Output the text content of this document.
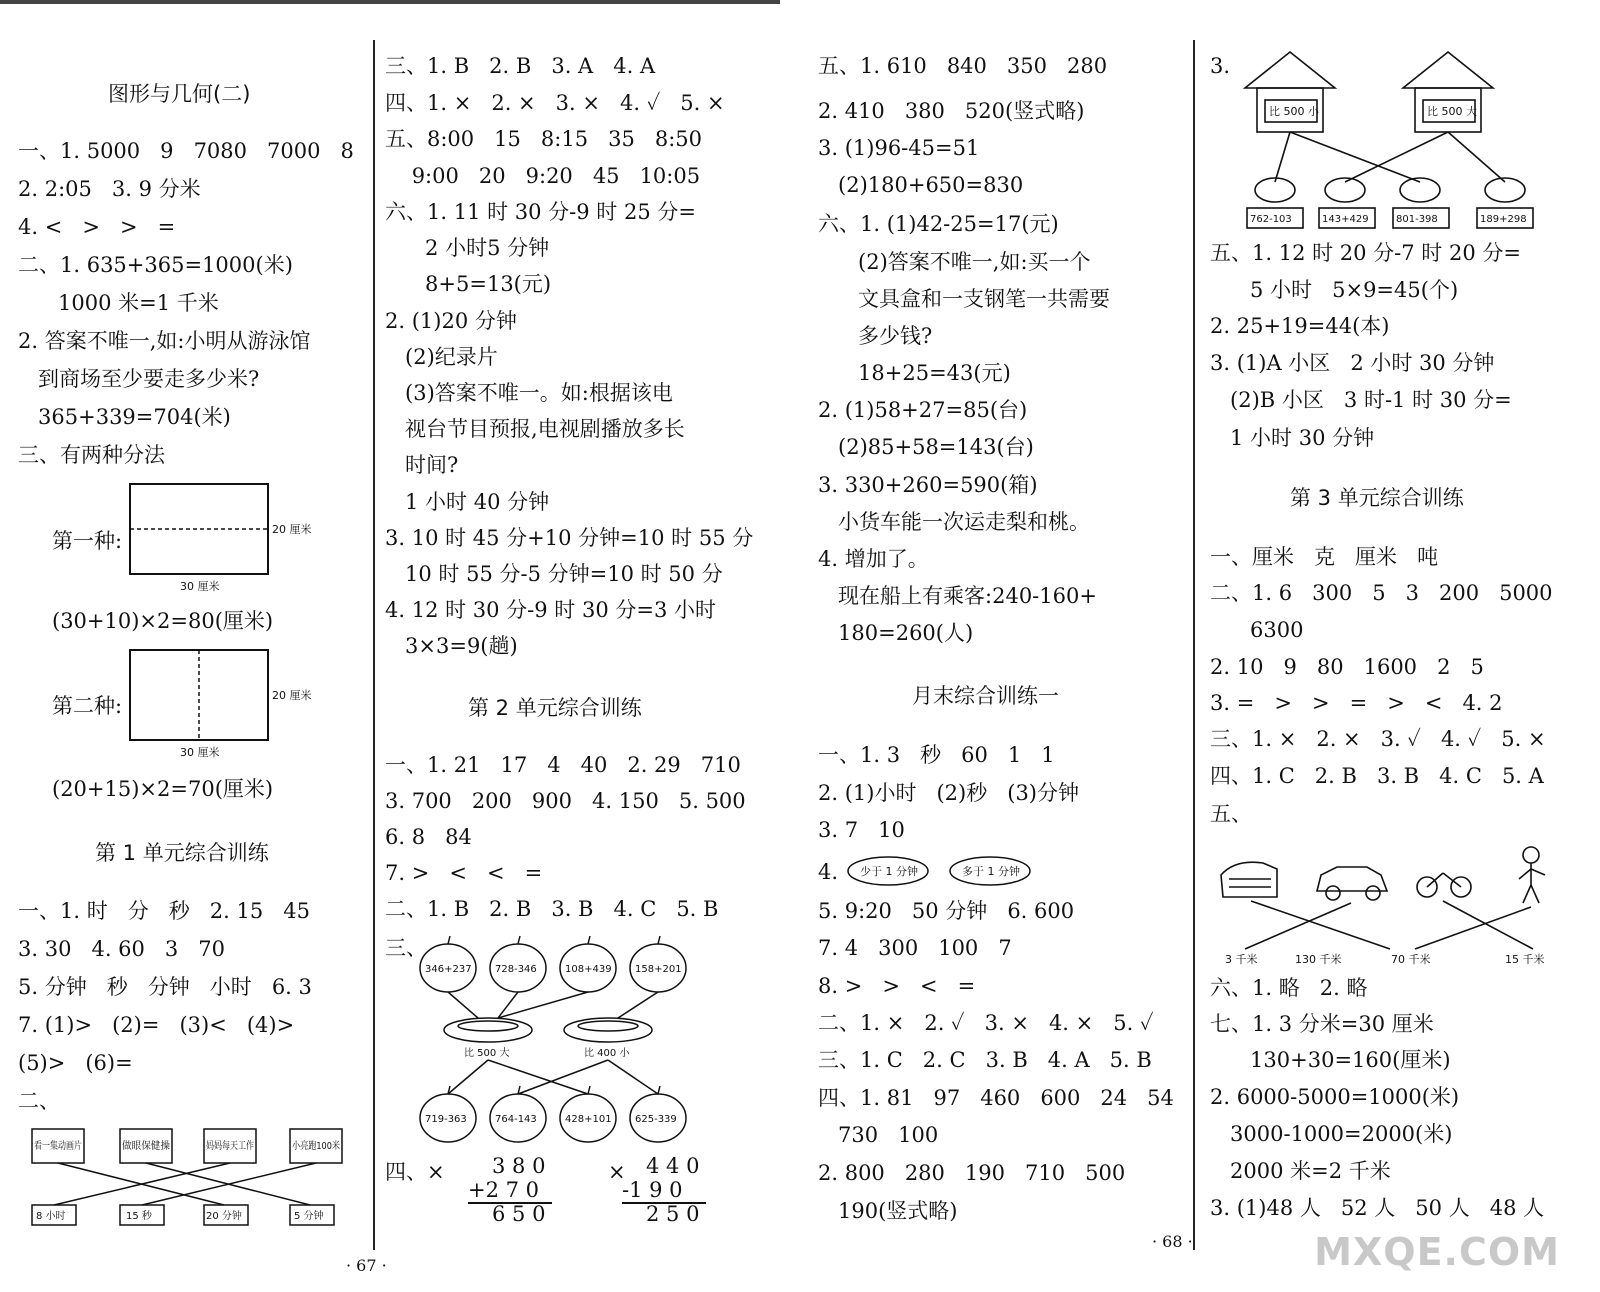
图形与几何(二)
一、1. 5000   9   7080   7000   8
2. 2:05   3. 9 分米
4. <   >   >   =
二、1. 635+365=1000(米)
1000 米=1 千米
2. 答案不唯一,如:小明从游泳馆
到商场至少要走多少米?
365+339=704(米)
三、有两种分法
第一种:	20 厘米
30 厘米
(30+10)×2=80(厘米)
第二种:	20 厘米
30 厘米
(20+15)×2=70(厘米)
第 1 单元综合训练
一、1. 时   分   秒   2. 15   45
3. 30   4. 60   3   70
5. 分钟   秒   分钟   小时   6. 3
7. (1)>   (2)=   (3)<   (4)>
(5)>   (6)=
二、
看一集动画片	做眼保健操	妈妈每天工作	小亮跑100米
8 小时	15 秒	20 分钟	5 分钟
三、1. B   2. B   3. A   4. A
四、1. ×   2. ×   3. ×   4. ✓   5. ×
五、8:00   15   8:15   35   8:50
9:00   20   9:20   45   10:05
六、1. 11 时 30 分-9 时 25 分=
2 小时5 分钟
8+5=13(元)
2. (1)20 分钟
(2)纪录片
(3)答案不唯一。如:根据该电
视台节目预报,电视剧播放多长
时间?
1 小时 40 分钟
3. 10 时 45 分+10 分钟=10 时 55 分
10 时 55 分-5 分钟=10 时 50 分
4. 12 时 30 分-9 时 30 分=3 小时
3×3=9(趟)
第 2 单元综合训练
一、1. 21   17   4   40   2. 29   710
3. 700   200   900   4. 150   5. 500
6. 8   84
7. >   <   <   =
二、1. B   2. B   3. B   4. C   5. B
三、
346+237 728-346	108+439 158+201
比 500 大	比 400 小
719-363	764-143	428+101 625-339
四、× 3 8 0
+2 7 0
6 5 0
× 4 4 0
-1 9 0
2 5 0
五、1. 610   840   350   280
2. 410   380   520(竖式略)
3. (1)96-45=51
(2)180+650=830
六、1. (1)42-25=17(元)
(2)答案不唯一,如:买一个
文具盒和一支钢笔一共需要
多少钱?
18+25=43(元)
2. (1)58+27=85(台)
(2)85+58=143(台)
3. 330+260=590(箱)
小货车能一次运走梨和桃。
4. 增加了。
现在船上有乘客:240-160+
180=260(人)
月末综合训练一
一、1. 3   秒   60   1   1
2. (1)小时   (2)秒   (3)分钟
3. 7   10
4. 少于 1 分钟	多于 1 分钟
5. 9:20   50 分钟   6. 600
7. 4   300   100   7
8. >   >   <   =
二、1. ×   2. ✓   3. ×   4. ×   5. ✓
三、1. C   2. C   3. B   4. A   5. B
四、1. 81   97   460   600   24   54
730   100
2. 800   280   190   710   500
190(竖式略)
3.
比 500 小	比 500 大
762-103	143+429	801-398	189+298
五、1. 12 时 20 分-7 时 20 分=
5 小时   5×9=45(个)
2. 25+19=44(本)
3. (1)A 小区   2 小时 30 分钟
(2)B 小区   3 时-1 时 30 分=
1 小时 30 分钟
第 3 单元综合训练
一、厘米   克   厘米   吨
二、1. 6   300   5   3   200   5000
6300
2. 10   9   80   1600   2   5
3. =   >   >   =   >   <   4. 2
三、1. ×   2. ×   3. ✓   4. ✓   5. ×
四、1. C   2. B   3. B   4. C   5. A
五、
3 千米	130 千米	70 千米	15 千米
六、1. 略   2. 略
七、1. 3 分米=30 厘米
130+30=160(厘米)
2. 6000-5000=1000(米)
3000-1000=2000(米)
2000 米=2 千米
3. (1)48 人   52 人   50 人   48 人
· 67 ·
· 68 ·	MXQE.COM
